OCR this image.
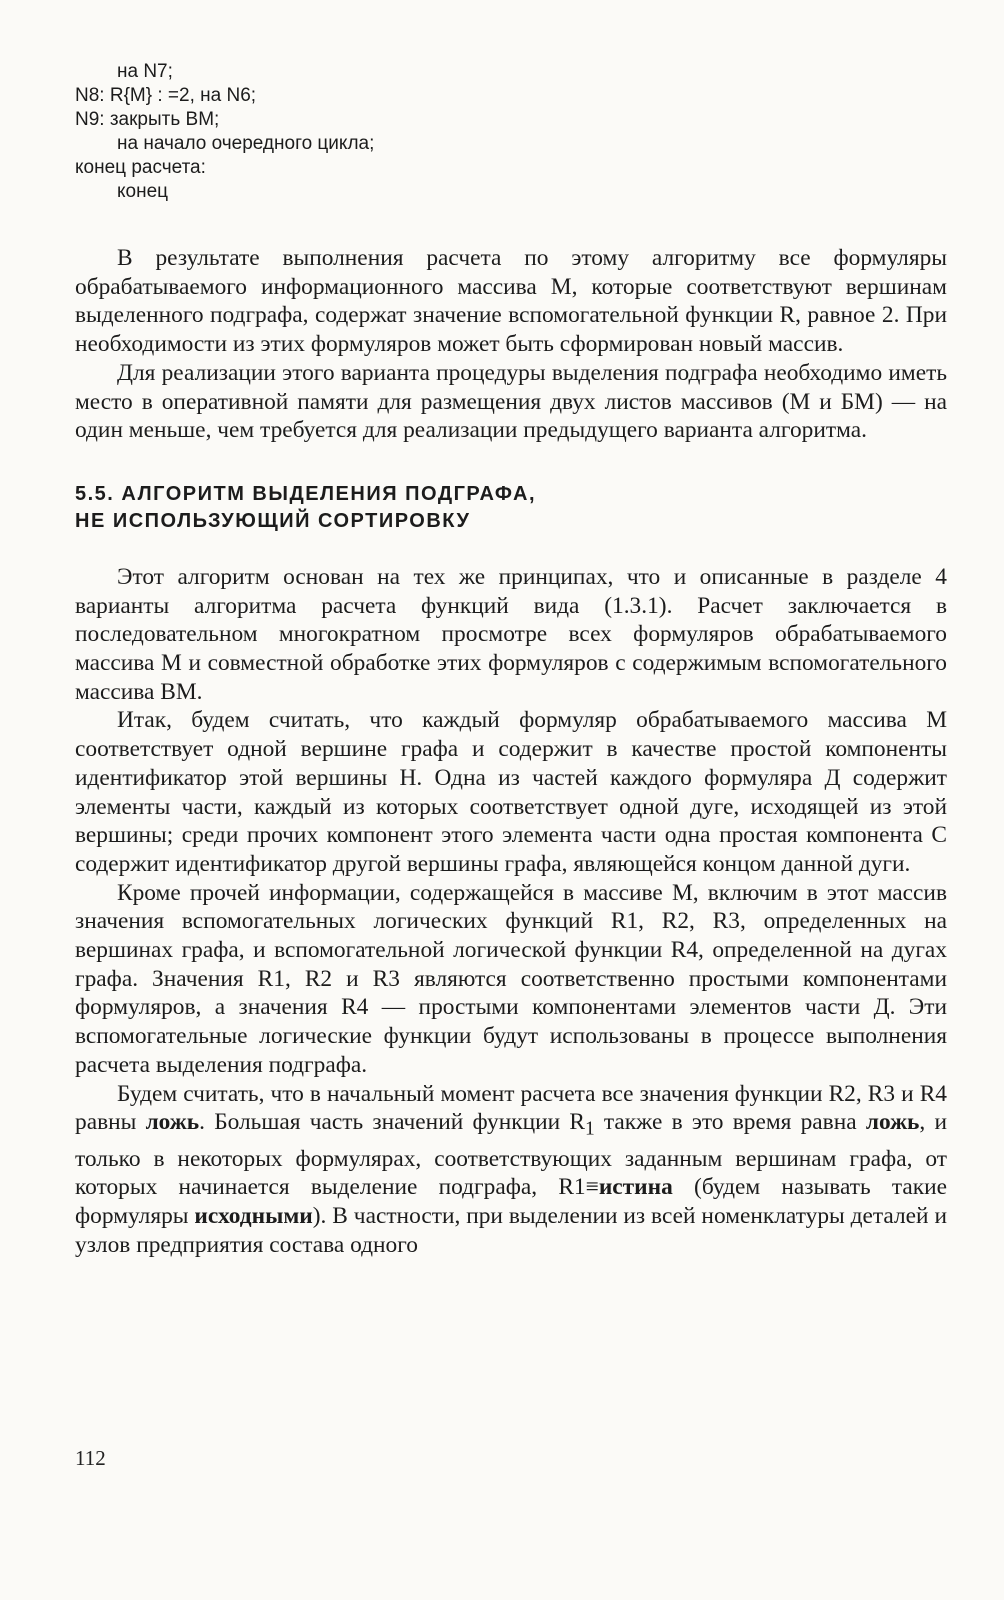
на N7;
N8: R{M} : =2, на N6;
N9: закрыть BM;
на начало очередного цикла;
конец расчета:
конец

В результате выполнения расчета по этому алгоритму все формуляры обрабатываемого информационного массива М, которые соответствуют вершинам выделенного подграфа, содержат значение вспомогательной функции R, равное 2. При необходимости из этих формуляров может быть сформирован новый массив.

Для реализации этого варианта процедуры выделения подграфа необходимо иметь место в оперативной памяти для размещения двух листов массивов (М и БМ) — на один меньше, чем требуется для реализации предыдущего варианта алгоритма.

5.5. АЛГОРИТМ ВЫДЕЛЕНИЯ ПОДГРАФА,
НЕ ИСПОЛЬЗУЮЩИЙ СОРТИРОВКУ

Этот алгоритм основан на тех же принципах, что и описанные в разделе 4 варианты алгоритма расчета функций вида (1.3.1). Расчет заключается в последовательном многократном просмотре всех формуляров обрабатываемого массива М и совместной обработке этих формуляров с содержимым вспомогательного массива BM.

Итак, будем считать, что каждый формуляр обрабатываемого массива М соответствует одной вершине графа и содержит в качестве простой компоненты идентификатор этой вершины Н. Одна из частей каждого формуляра Д содержит элементы части, каждый из которых соответствует одной дуге, исходящей из этой вершины; среди прочих компонент этого элемента части одна простая компонента С содержит идентификатор другой вершины графа, являющейся концом данной дуги.

Кроме прочей информации, содержащейся в массиве М, включим в этот массив значения вспомогательных логических функций R1, R2, R3, определенных на вершинах графа, и вспомогательной логической функции R4, определенной на дугах графа. Значения R1, R2 и R3 являются соответственно простыми компонентами формуляров, а значения R4 — простыми компонентами элементов части Д. Эти вспомогательные логические функции будут использованы в процессе выполнения расчета выделения подграфа.

Будем считать, что в начальный момент расчета все значения функции R2, R3 и R4 равны ложь. Большая часть значений функции $R_1$ также в это время равна ложь, и только в некоторых формулярах, соответствующих заданным вершинам графа, от которых начинается выделение подграфа, R1≡истина (будем называть такие формуляры исходными). В частности, при выделении из всей номенклатуры деталей и узлов предприятия состава одного

112
